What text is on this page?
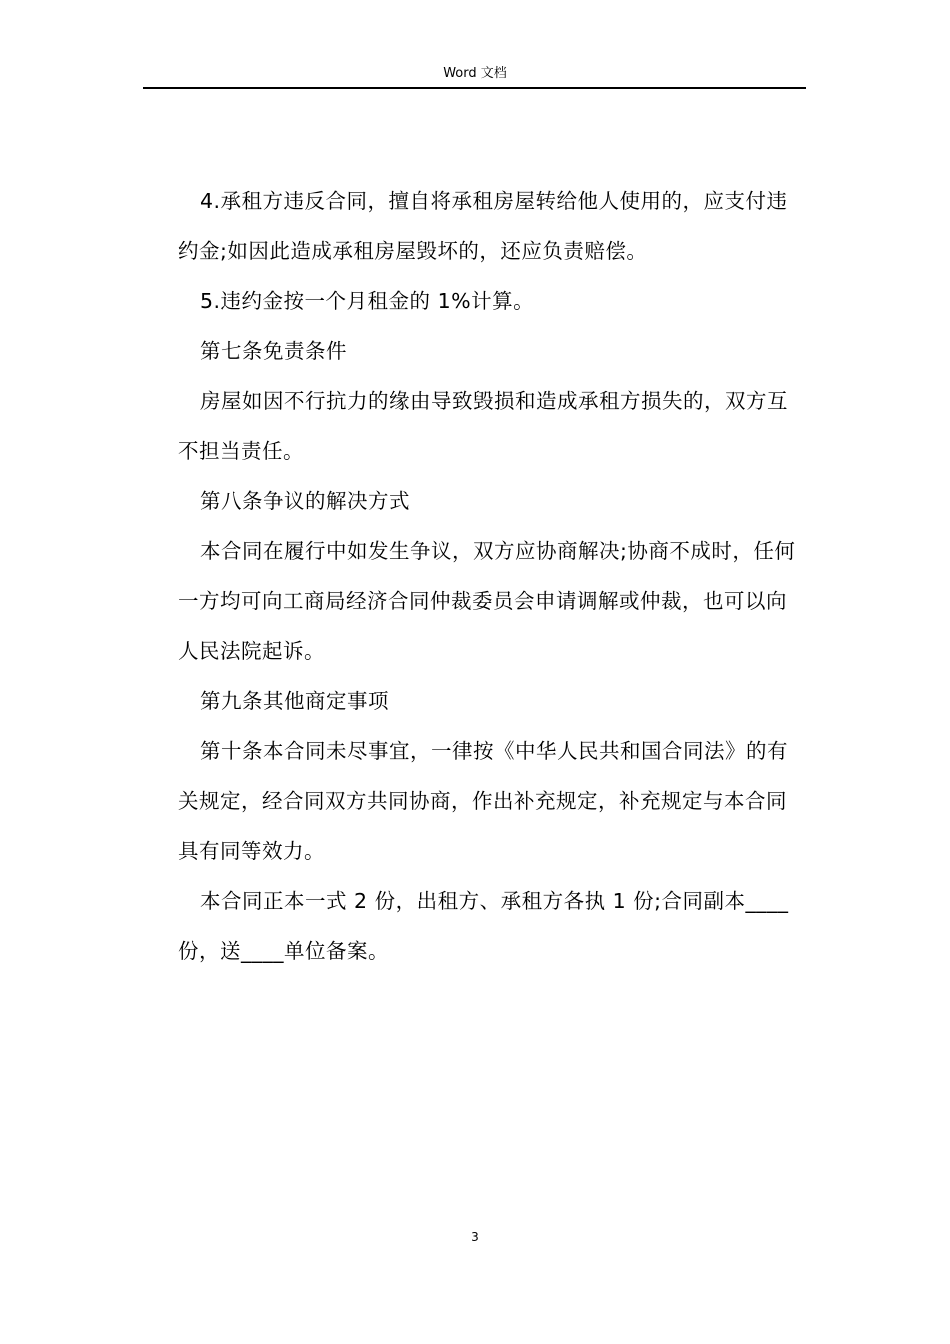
Word 文档

4.承租方违反合同，擅自将承租房屋转给他人使用的，应支付违约金;如因此造成承租房屋毁坏的，还应负责赔偿。

5.违约金按一个月租金的 1%计算。

第七条免责条件

房屋如因不行抗力的缘由导致毁损和造成承租方损失的，双方互不担当责任。

第八条争议的解决方式

本合同在履行中如发生争议，双方应协商解决;协商不成时，任何一方均可向工商局经济合同仲裁委员会申请调解或仲裁，也可以向人民法院起诉。

第九条其他商定事项

第十条本合同未尽事宜，一律按《中华人民共和国合同法》的有关规定，经合同双方共同协商，作出补充规定，补充规定与本合同具有同等效力。

本合同正本一式 2 份，出租方、承租方各执 1 份;合同副本____份，送____单位备案。

3
